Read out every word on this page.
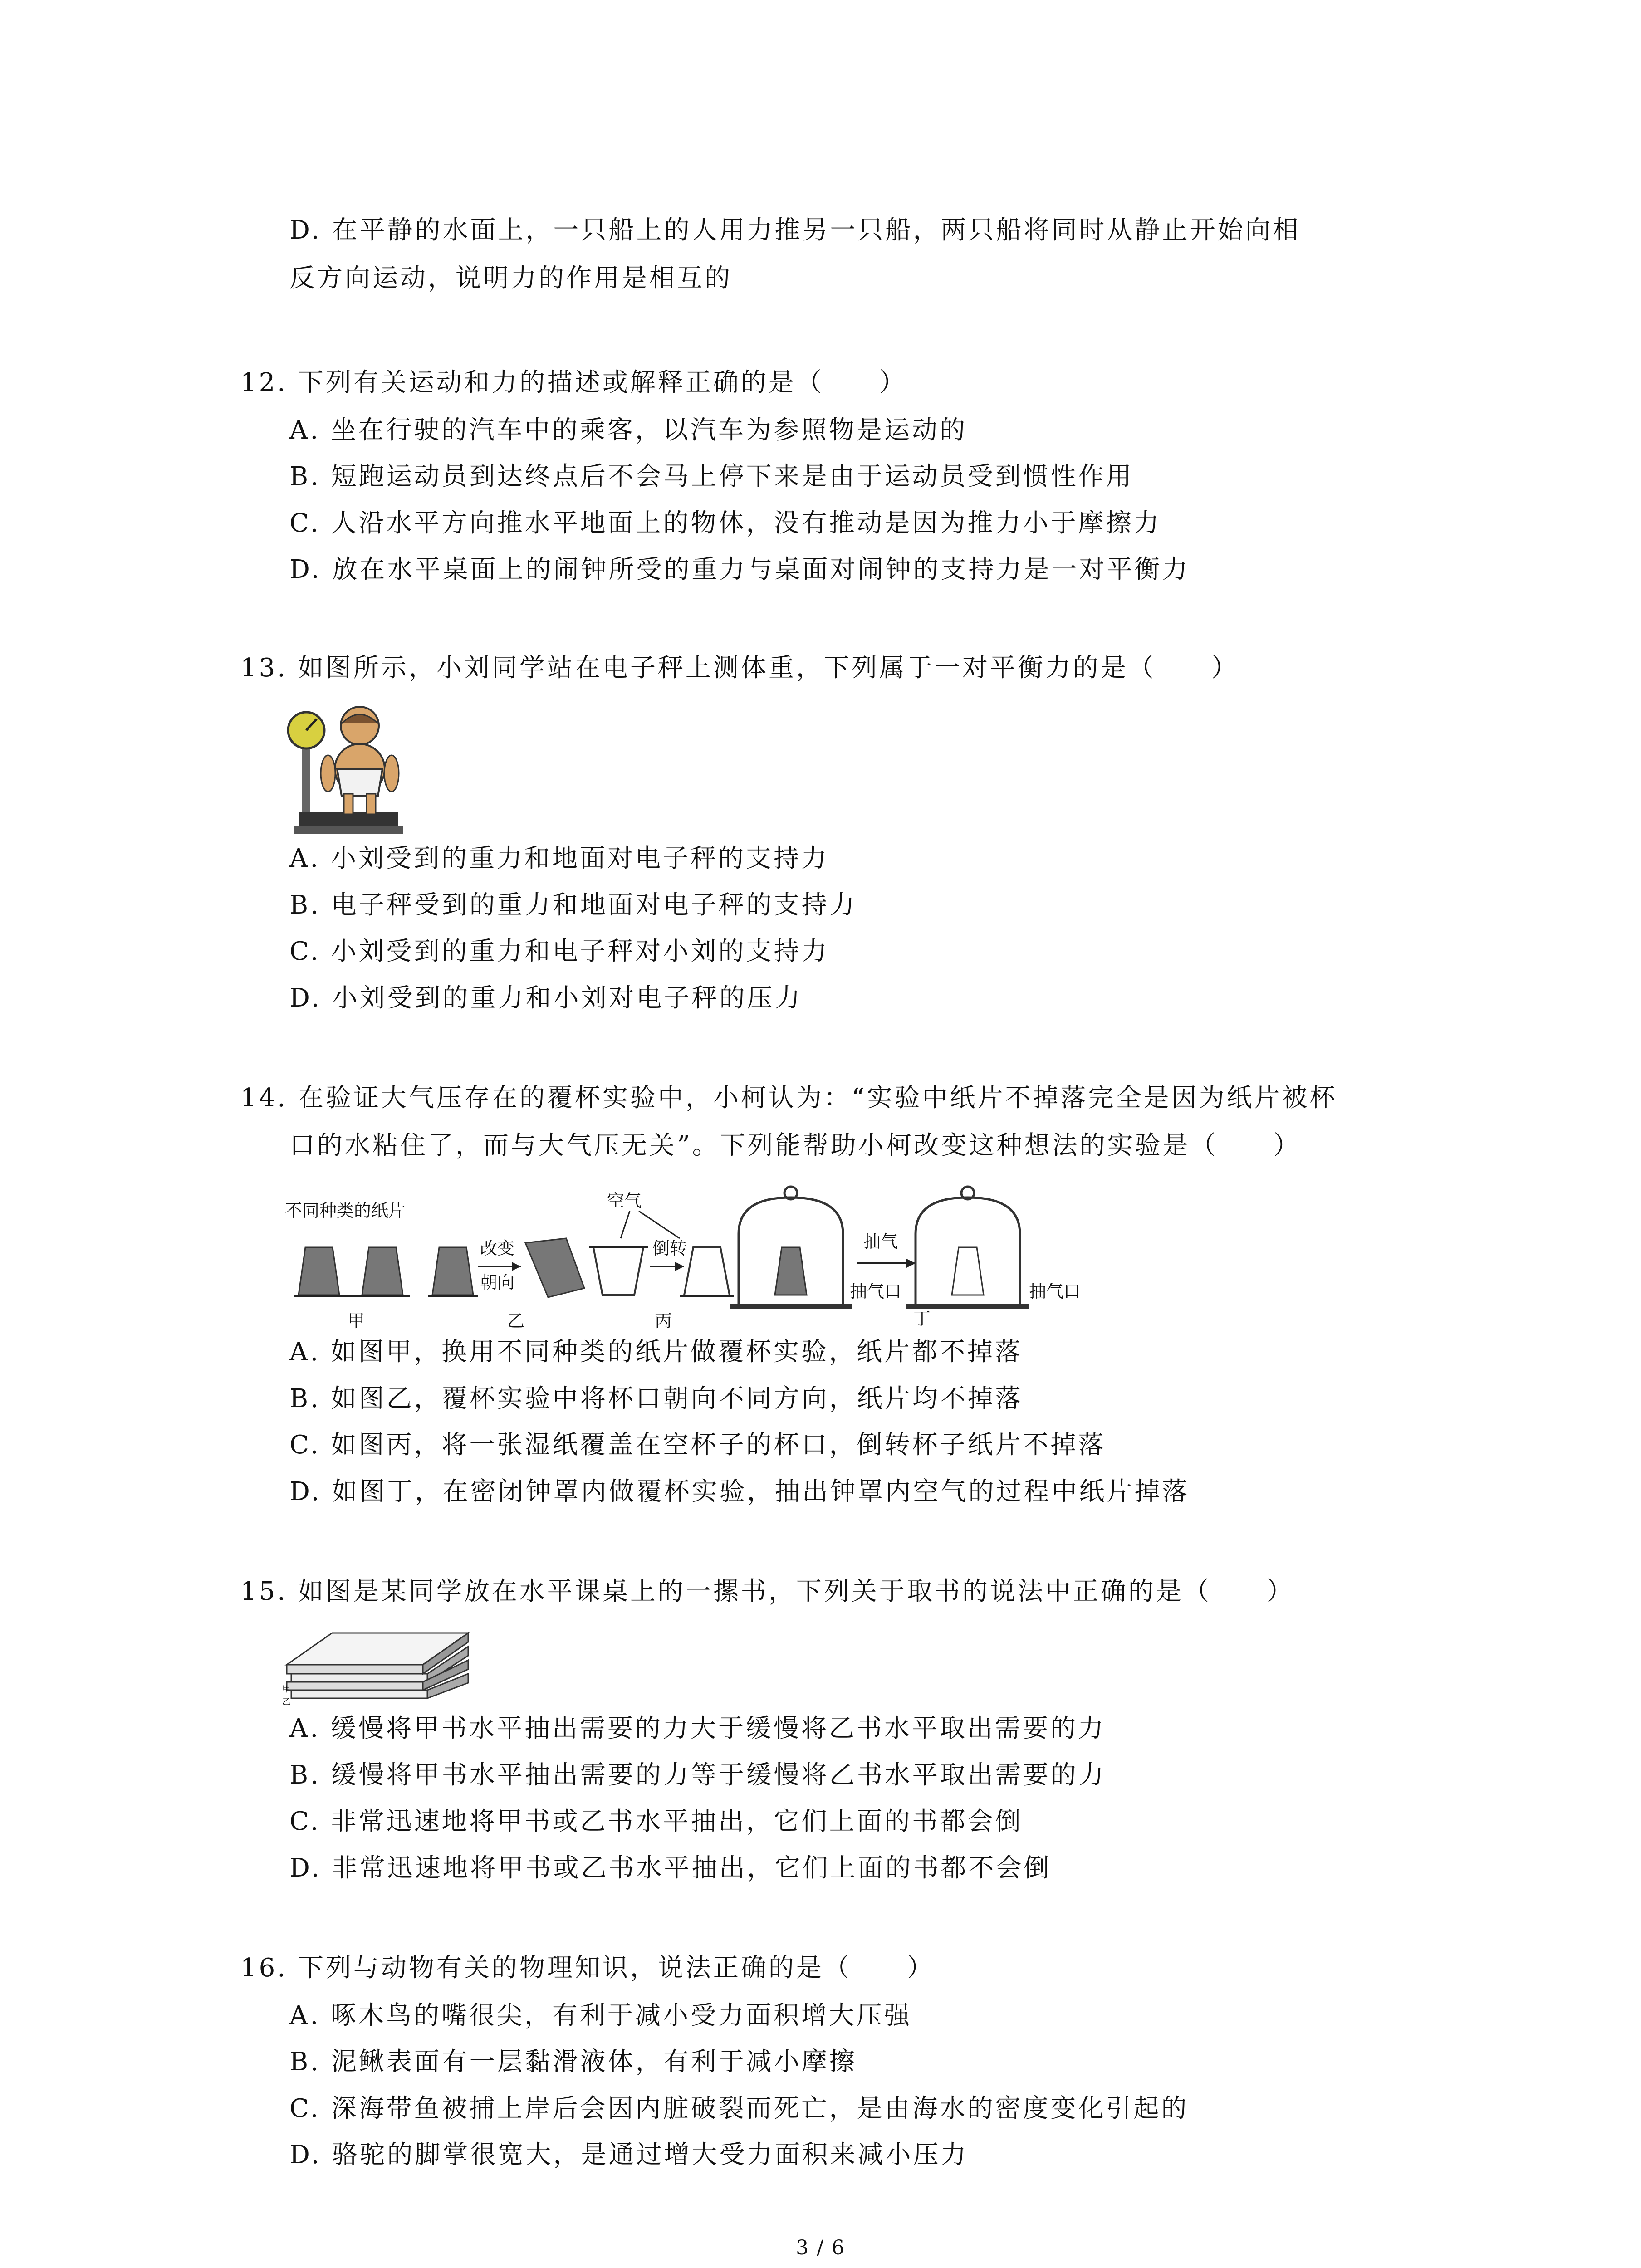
D. 在平静的水面上，一只船上的人用力推另一只船，两只船将同时从静止开始向相
反方向运动，说明力的作用是相互的
12. 下列有关运动和力的描述或解释正确的是（　　）
A. 坐在行驶的汽车中的乘客，以汽车为参照物是运动的
B. 短跑运动员到达终点后不会马上停下来是由于运动员受到惯性作用
C. 人沿水平方向推水平地面上的物体，没有推动是因为推力小于摩擦力
D. 放在水平桌面上的闹钟所受的重力与桌面对闹钟的支持力是一对平衡力
13. 如图所示，小刘同学站在电子秤上测体重，下列属于一对平衡力的是（　　）
A. 小刘受到的重力和地面对电子秤的支持力
B. 电子秤受到的重力和地面对电子秤的支持力
C. 小刘受到的重力和电子秤对小刘的支持力
D. 小刘受到的重力和小刘对电子秤的压力
14. 在验证大气压存在的覆杯实验中，小柯认为：“实验中纸片不掉落完全是因为纸片被杯
口的水粘住了，而与大气压无关”。下列能帮助小柯改变这种想法的实验是（　　）
不同种类的纸片
甲
改变
朝向
乙
空气
倒转
丙
抽气
抽气口
丁
抽气口
A. 如图甲，换用不同种类的纸片做覆杯实验，纸片都不掉落
B. 如图乙，覆杯实验中将杯口朝向不同方向，纸片均不掉落
C. 如图丙，将一张湿纸覆盖在空杯子的杯口，倒转杯子纸片不掉落
D. 如图丁，在密闭钟罩内做覆杯实验，抽出钟罩内空气的过程中纸片掉落
15. 如图是某同学放在水平课桌上的一摞书，下列关于取书的说法中正确的是（　　）
甲
乙
A. 缓慢将甲书水平抽出需要的力大于缓慢将乙书水平取出需要的力
B. 缓慢将甲书水平抽出需要的力等于缓慢将乙书水平取出需要的力
C. 非常迅速地将甲书或乙书水平抽出，它们上面的书都会倒
D. 非常迅速地将甲书或乙书水平抽出，它们上面的书都不会倒
16. 下列与动物有关的物理知识，说法正确的是（　　）
A. 啄木鸟的嘴很尖，有利于减小受力面积增大压强
B. 泥鳅表面有一层黏滑液体，有利于减小摩擦
C. 深海带鱼被捕上岸后会因内脏破裂而死亡，是由海水的密度变化引起的
D. 骆驼的脚掌很宽大，是通过增大受力面积来减小压力
3 / 6
